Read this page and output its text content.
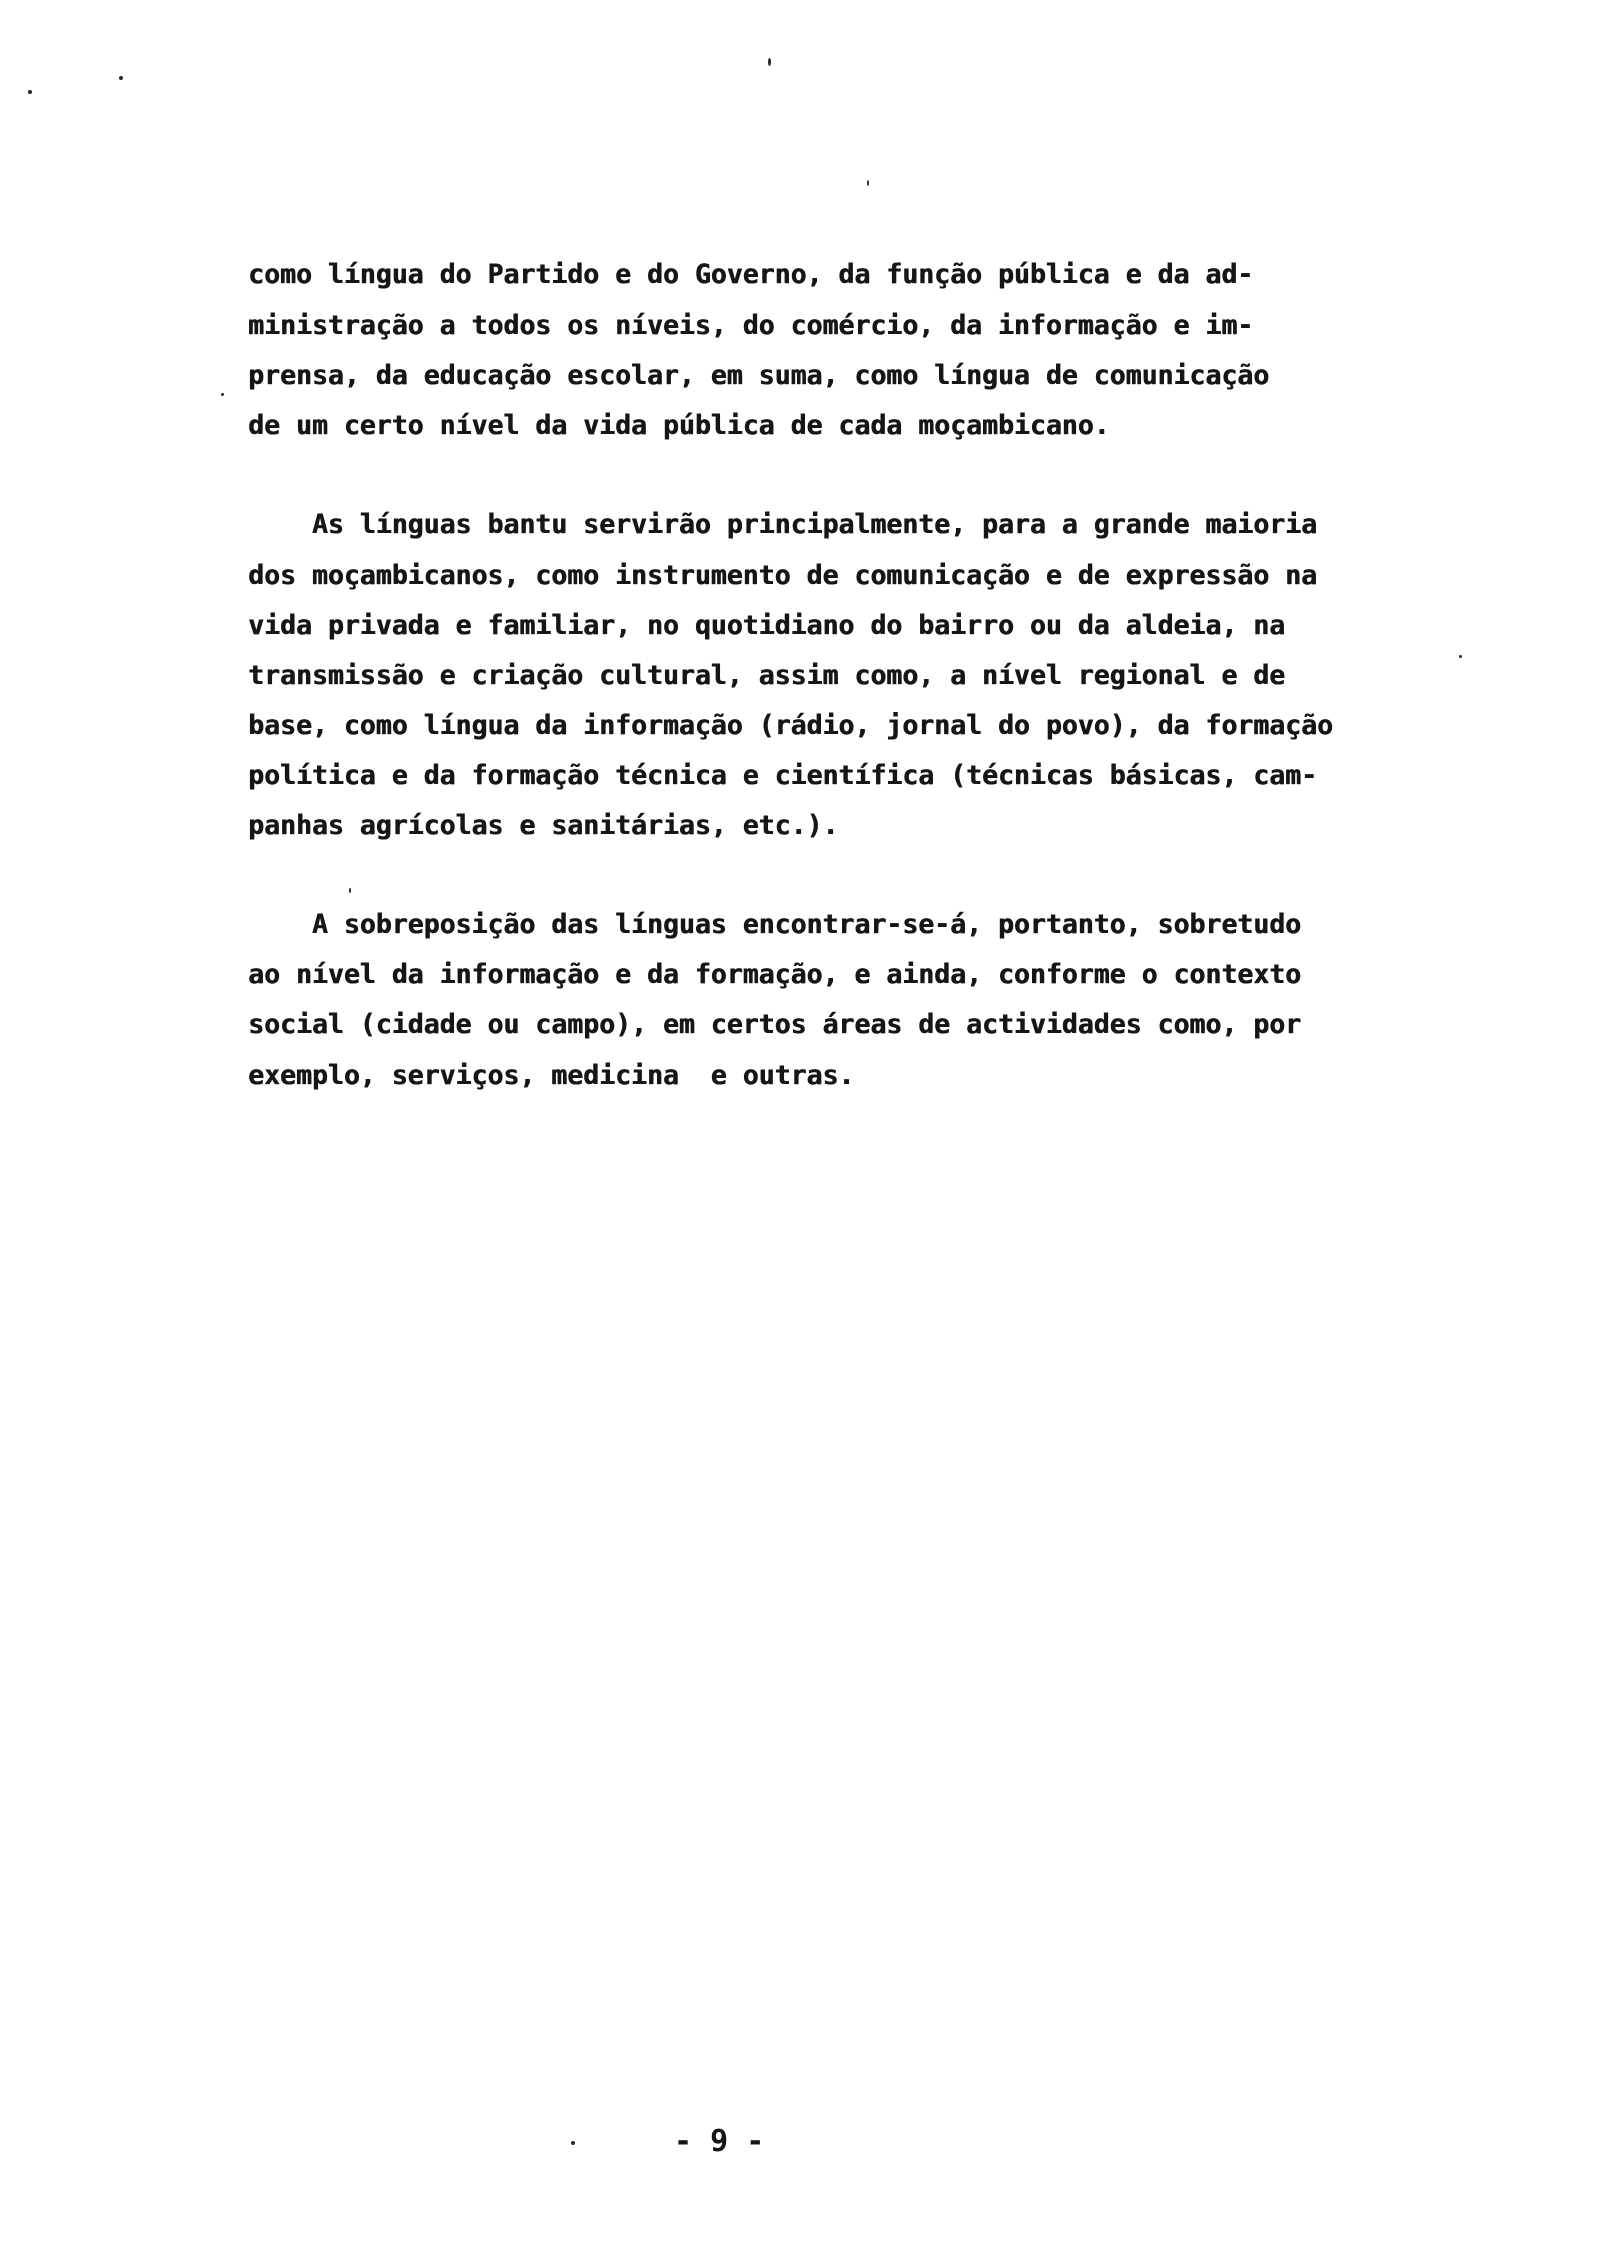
como língua do Partido e do Governo, da função pública e da ad-
ministração a todos os níveis, do comércio, da informação e im-
prensa, da educação escolar, em suma, como língua de comunicação
de um certo nível da vida pública de cada moçambicano.
As línguas bantu servirão principalmente, para a grande maioria
dos moçambicanos, como instrumento de comunicação e de expressão na
vida privada e familiar, no quotidiano do bairro ou da aldeia, na
transmissão e criação cultural, assim como, a nível regional e de
base, como língua da informação (rádio, jornal do povo), da formação
política e da formação técnica e científica (técnicas básicas, cam-
panhas agrícolas e sanitárias, etc.).
A sobreposição das línguas encontrar-se-á, portanto, sobretudo
ao nível da informação e da formação, e ainda, conforme o contexto
social (cidade ou campo), em certos áreas de actividades como, por
exemplo, serviços, medicina  e outras.
- 9 -
